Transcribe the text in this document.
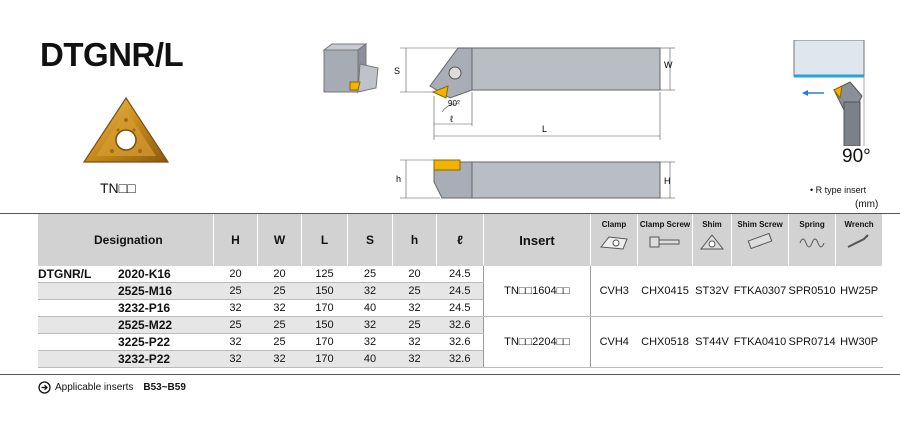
DTGNR/L
TN□□
S
W
L
ℓ
90°
h	H
90°
• R type insert
(mm)
Designation	H	W	L	S	h	ℓ	Insert	Clamp	Clamp Screw	Shim	Shim Screw	Spring	Wrench

DTGNR/L 2020-K16	20	20	125	25	20	24.5	TN□□1604□□	CVH3	CHX0415	ST32V	FTKA0307	SPR0510	HW25P
2525-M16	25	25	150	32	25	24.5							
3232-P16	32	32	170	40	32	24.5							
2525-M22	25	25	150	32	25	32.6	TN□□2204□□	CVH4	CHX0518	ST44V	FTKA0410	SPR0714	HW30P
3225-P22	32	25	170	32	32	32.6							
3232-P22	32	32	170	40	32	32.6							
Applicable inserts B53~B59
